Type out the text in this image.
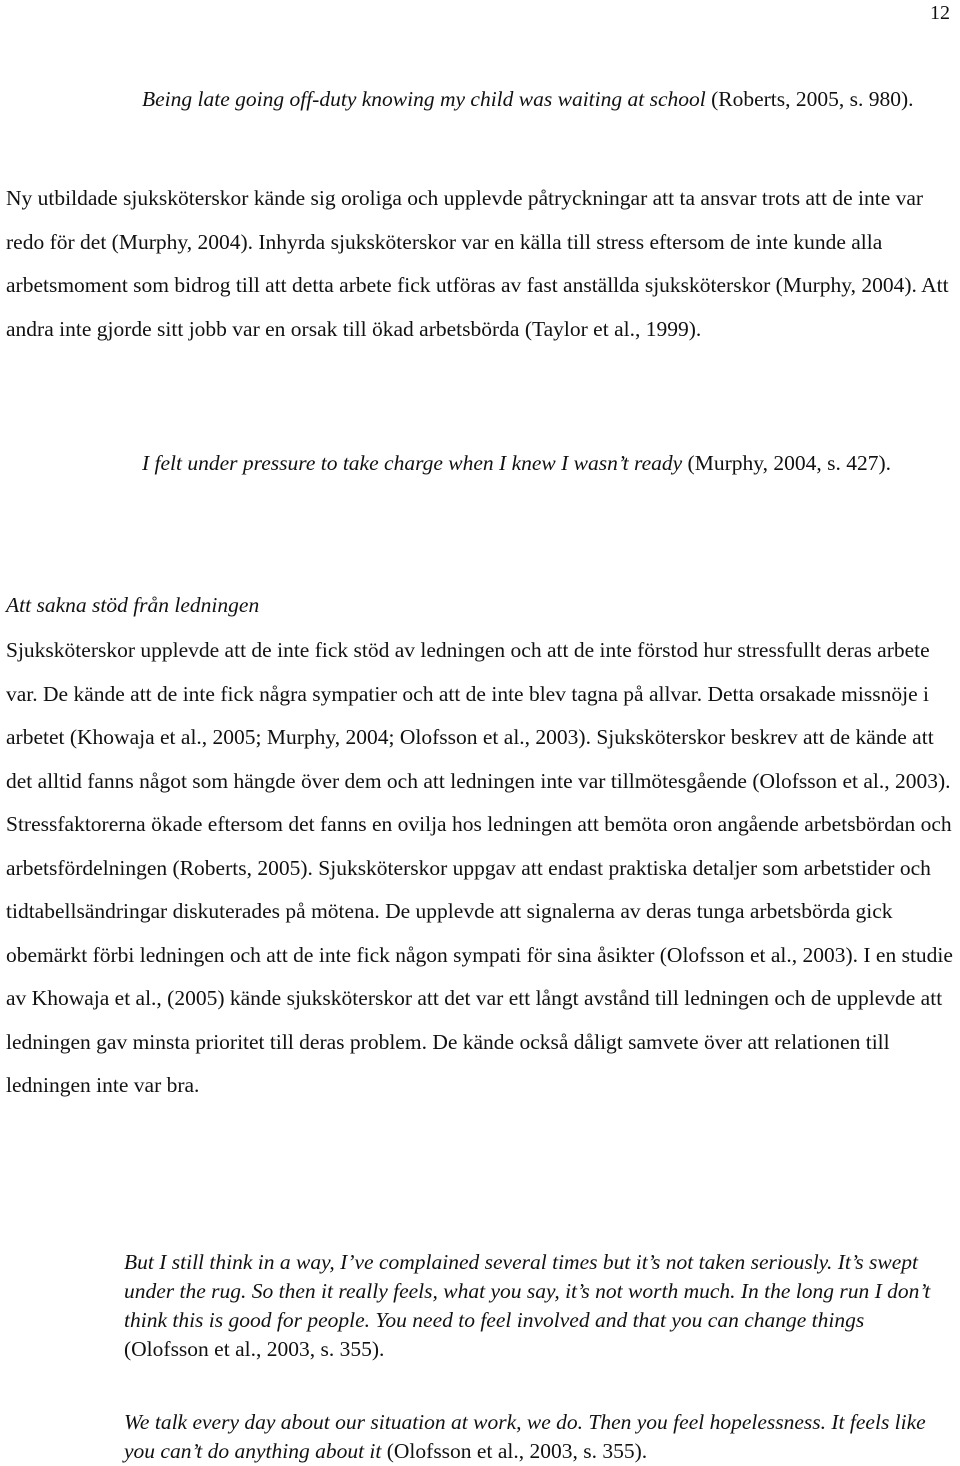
12

Being late going off-duty knowing my child was waiting at school (Roberts, 2005, s. 980).

Ny utbildade sjuksköterskor kände sig oroliga och upplevde påtryckningar att ta ansvar trots att de inte var redo för det (Murphy, 2004). Inhyrda sjuksköterskor var en källa till stress eftersom de inte kunde alla arbetsmoment som bidrog till att detta arbete fick utföras av fast anställda sjuksköterskor (Murphy, 2004). Att andra inte gjorde sitt jobb var en orsak till ökad arbetsbörda (Taylor et al., 1999).

I felt under pressure to take charge when I knew I wasn’t ready (Murphy, 2004, s. 427).

Att sakna stöd från ledningen

Sjuksköterskor upplevde att de inte fick stöd av ledningen och att de inte förstod hur stressfullt deras arbete var. De kände att de inte fick några sympatier och att de inte blev tagna på allvar. Detta orsakade missnöje i arbetet (Khowaja et al., 2005; Murphy, 2004; Olofsson et al., 2003). Sjuksköterskor beskrev att de kände att det alltid fanns något som hängde över dem och att ledningen inte var tillmötesgående (Olofsson et al., 2003). Stressfaktorerna ökade eftersom det fanns en ovilja hos ledningen att bemöta oron angående arbetsbördan och arbetsfördelningen (Roberts, 2005). Sjuksköterskor uppgav att endast praktiska detaljer som arbetstider och tidtabellsändringar diskuterades på mötena. De upplevde att signalerna av deras tunga arbetsbörda gick obemärkt förbi ledningen och att de inte fick någon sympati för sina åsikter (Olofsson et al., 2003). I en studie av Khowaja et al., (2005) kände sjuksköterskor att det var ett långt avstånd till ledningen och de upplevde att ledningen gav minsta prioritet till deras problem. De kände också dåligt samvete över att relationen till ledningen inte var bra.

But I still think in a way, I’ve complained several times but it’s not taken seriously. It’s swept under the rug. So then it really feels, what you say, it’s not worth much. In the long run I don’t think this is good for people. You need to feel involved and that you can change things (Olofsson et al., 2003, s. 355).

We talk every day about our situation at work, we do. Then you feel hopelessness. It feels like you can’t do anything about it (Olofsson et al., 2003, s. 355).
